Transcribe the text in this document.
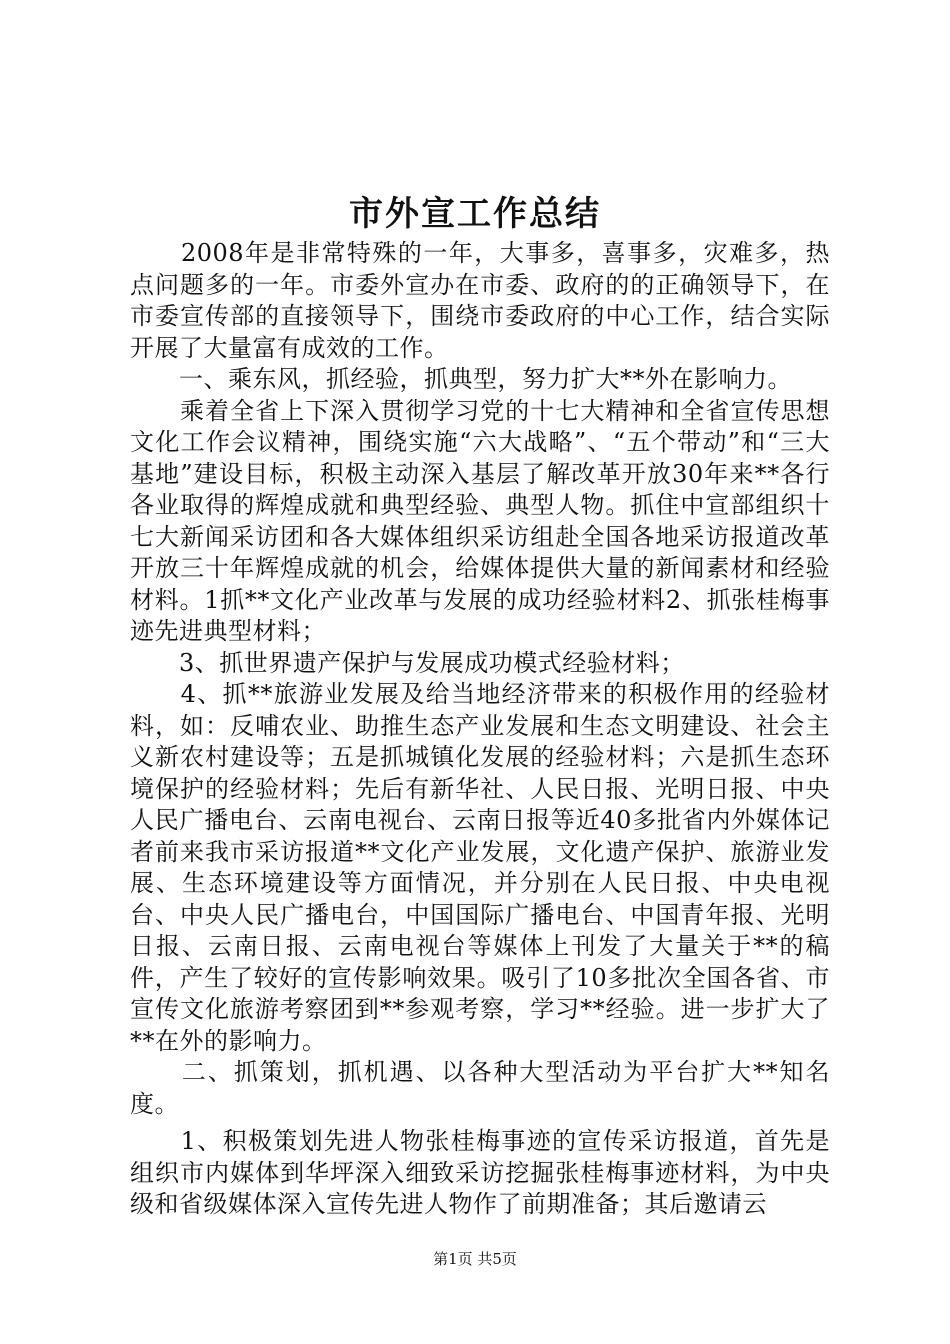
市外宣工作总结

　　2008年是非常特殊的一年，大事多，喜事多，灾难多，热点问题多的一年。市委外宣办在市委、政府的的正确领导下，在市委宣传部的直接领导下，围绕市委政府的中心工作，结合实际开展了大量富有成效的工作。

　　一、乘东风，抓经验，抓典型，努力扩大**外在影响力。

　　乘着全省上下深入贯彻学习党的十七大精神和全省宣传思想文化工作会议精神，围绕实施“六大战略”、“五个带动”和“三大基地”建设目标，积极主动深入基层了解改革开放30年来**各行各业取得的辉煌成就和典型经验、典型人物。抓住中宣部组织十七大新闻采访团和各大媒体组织采访组赴全国各地采访报道改革开放三十年辉煌成就的机会，给媒体提供大量的新闻素材和经验材料。1抓**文化产业改革与发展的成功经验材料2、抓张桂梅事迹先进典型材料；

　　3、抓世界遗产保护与发展成功模式经验材料；

　　4、抓**旅游业发展及给当地经济带来的积极作用的经验材料，如：反哺农业、助推生态产业发展和生态文明建设、社会主义新农村建设等；五是抓城镇化发展的经验材料；六是抓生态环境保护的经验材料；先后有新华社、人民日报、光明日报、中央人民广播电台、云南电视台、云南日报等近40多批省内外媒体记者前来我市采访报道**文化产业发展，文化遗产保护、旅游业发展、生态环境建设等方面情况，并分别在人民日报、中央电视台、中央人民广播电台，中国国际广播电台、中国青年报、光明日报、云南日报、云南电视台等媒体上刊发了大量关于**的稿件，产生了较好的宣传影响效果。吸引了10多批次全国各省、市宣传文化旅游考察团到**参观考察，学习**经验。进一步扩大了**在外的影响力。

　　二、抓策划，抓机遇、以各种大型活动为平台扩大**知名度。

　　1、积极策划先进人物张桂梅事迹的宣传采访报道，首先是组织市内媒体到华坪深入细致采访挖掘张桂梅事迹材料，为中央级和省级媒体深入宣传先进人物作了前期准备；其后邀请云

第1页 共5页
